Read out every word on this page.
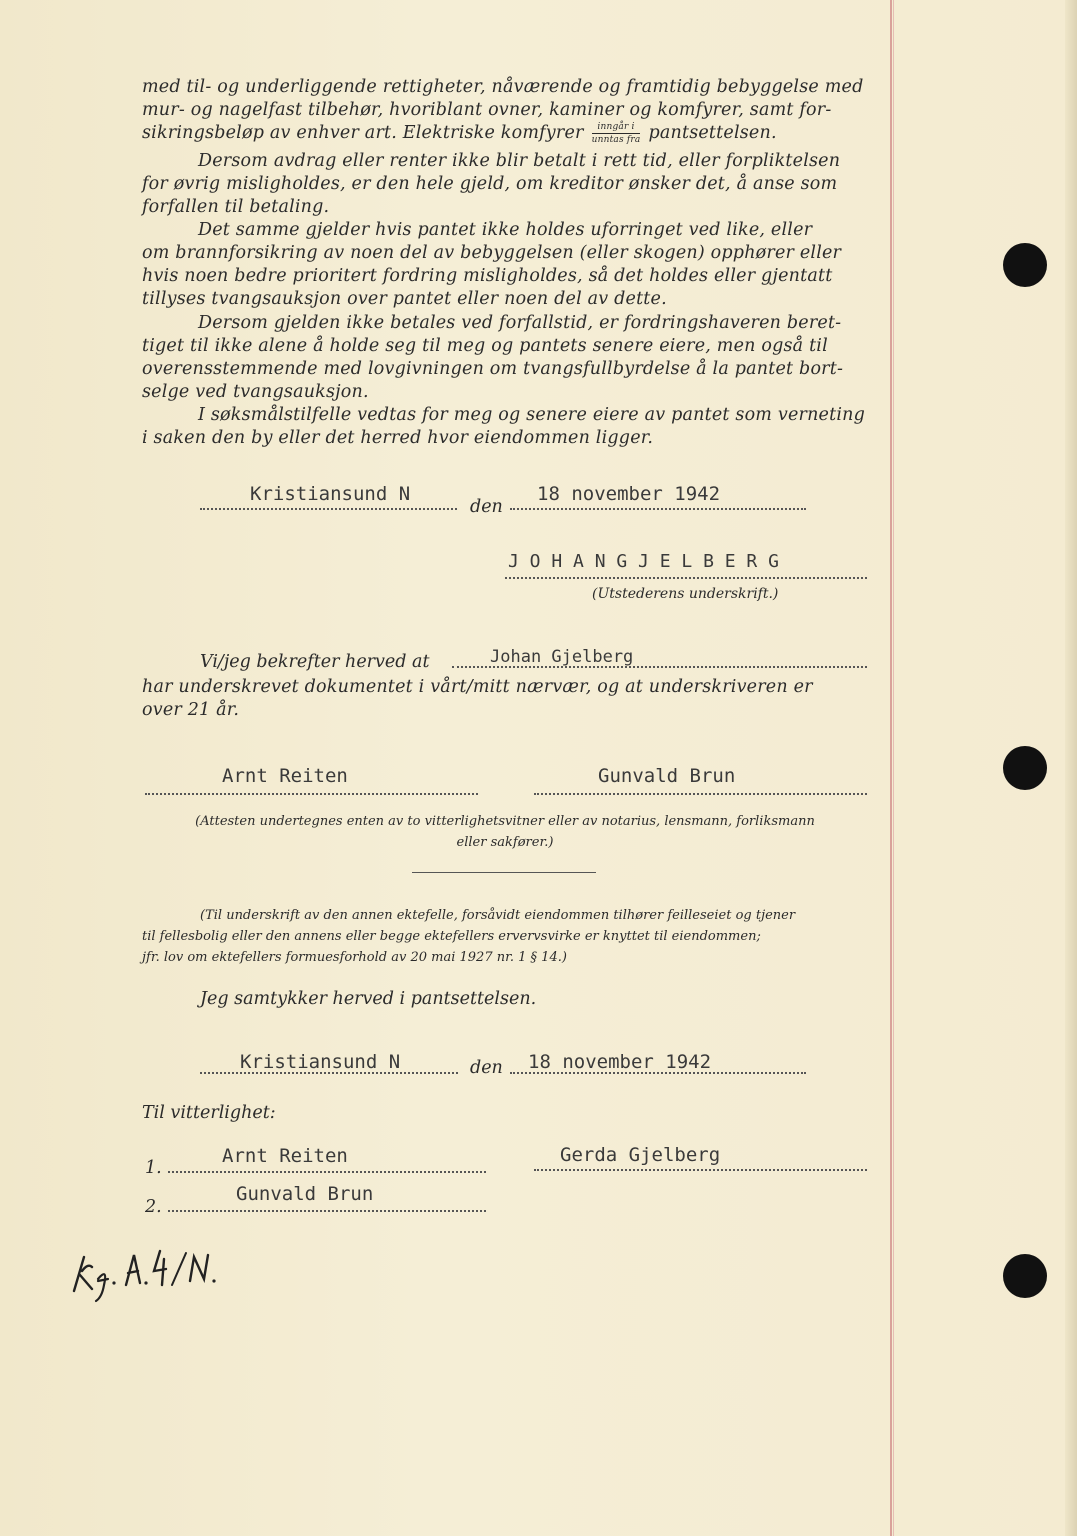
med til- og underliggende rettigheter, nåværende og framtidig bebyggelse med
mur- og nagelfast tilbehør, hvoriblant ovner, kaminer og komfyrer, samt for-
sikringsbeløp av enhver art. Elektriske komfyrer $\frac{\text{inngår i}}{\text{unntas fra}}$ pantsettelsen.
Dersom avdrag eller renter ikke blir betalt i rett tid, eller forpliktelsen
for øvrig misligholdes, er den hele gjeld, om kreditor ønsker det, å anse som
forfallen til betaling.
Det samme gjelder hvis pantet ikke holdes uforringet ved like, eller
om brannforsikring av noen del av bebyggelsen (eller skogen) opphører eller
hvis noen bedre prioritert fordring misligholdes, så det holdes eller gjentatt
tillyses tvangsauksjon over pantet eller noen del av dette.
Dersom gjelden ikke betales ved forfallstid, er fordringshaveren beret-
tiget til ikke alene å holde seg til meg og pantets senere eiere, men også til
overensstemmende med lovgivningen om tvangsfullbyrdelse å la pantet bort-
selge ved tvangsauksjon.
I søksmålstilfelle vedtas for meg og senere eiere av pantet som verneting
i saken den by eller det herred hvor eiendommen ligger.
Kristiansund N
den
18 november 1942
J O H A N G J E L B E R G
(Utstederens underskrift.)
Vi/jeg bekrefter herved at	Johan Gjelberg
har underskrevet dokumentet i vårt/mitt nærvær, og at underskriveren er
over 21 år.
Arnt Reiten	Gunvald Brun
(Attesten undertegnes enten av to vitterlighetsvitner eller av notarius, lensmann, forliksmann
eller sakfører.)
(Til underskrift av den annen ektefelle, forsåvidt eiendommen tilhører feilleseiet og tjener
til fellesbolig eller den annens eller begge ektefellers ervervsvirke er knyttet til eiendommen;
jfr. lov om ektefellers formuesforhold av 20 mai 1927 nr. 1 § 14.)
Jeg samtykker herved i pantsettelsen.
Kristiansund N	den 18 november 1942
Til vitterlighet:
1.
Arnt Reiten	Gerda Gjelberg
2.
Gunvald Brun
